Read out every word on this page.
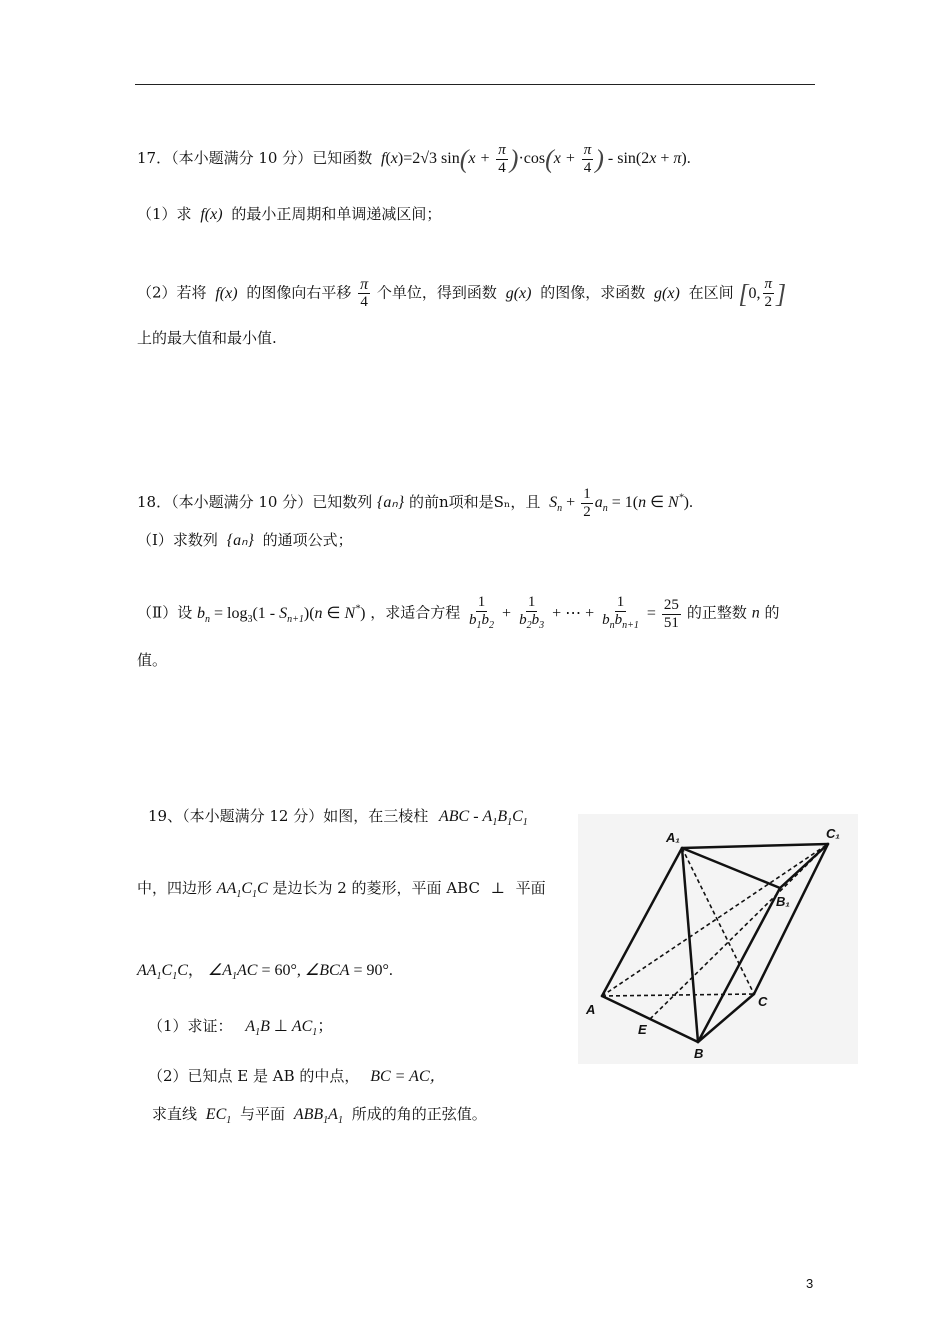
17．（本小题满分 10 分）已知函数 f(x)=2√3 $\sin(x + \frac{\pi}{4} )\cdot\cos(x + \frac{\pi}{4}$ ) - sin(2x + π).
（1）求 f(x) 的最小正周期和单调递减区间；
（2）若将 f(x) 的图像向右平移 $\frac{\pi}{4}$ 个单位，得到函数 g(x) 的图像，求函数 g(x) 在区间 [0, $\frac{\pi}{2}$ ]
上的最大值和最小值.
18．（本小题满分 10 分）已知数列 {aₙ} 的前n项和是Sₙ，且 $S_n + \frac{1}{2} a_n = 1(n$ ∈ N*).
（Ⅰ）求数列 {aₙ} 的通项公式；
（Ⅱ）设 $b_n = \log_3(1 - S_{n+1})(n$ ∈ N*) ，求适合方程 $\frac{1}{b_1b_2} + \frac{1}{b_2b_3}$ + ⋯ + $\frac{1}{b_nb_{n+1}} = \frac{25}{51}$ 的正整数 n 的
值。
19、（本小题满分 12 分）如图，在三棱柱 ABC - $A_1B_1C_1$
中，四边形 $AA_1C_1C$ 是边长为 2 的菱形，平面 ABC ⊥ 平面
$AA_1C_1C$， $\angle A_1AC = 60^\circ$, ∠BCA = 90°.
（1）求证： $A_1B$ ⊥ $AC_1$；
（2）已知点 E 是 AB 的中点， BC = AC，
求直线 $EC_1$ 与平面 $ABB_1A_1$ 所成的角的正弦值。
A₁	C₁
B₁
A
E
C
B
3
